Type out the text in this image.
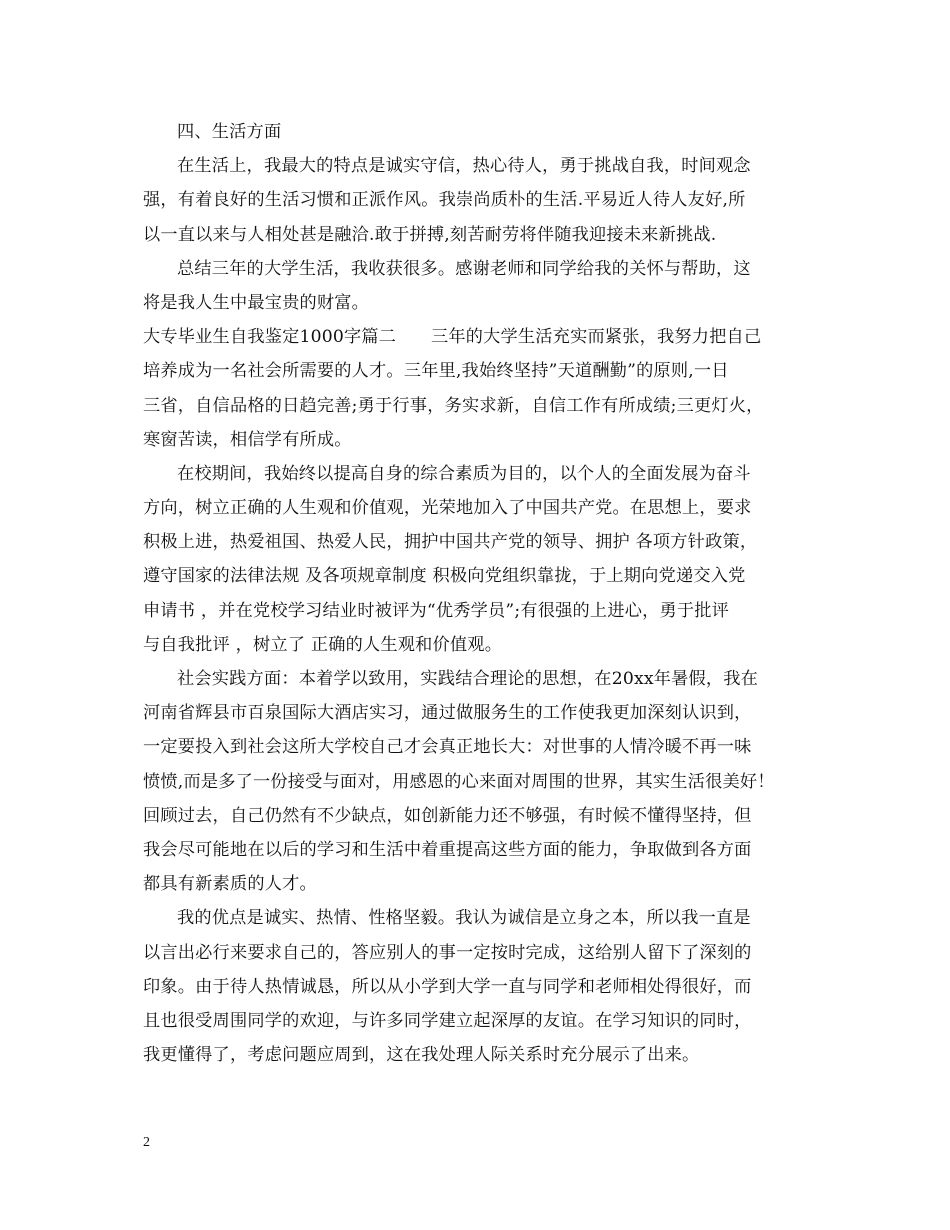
四、生活方面
在生活上，我最大的特点是诚实守信，热心待人，勇于挑战自我，时间观念
强，有着良好的生活习惯和正派作风。我崇尚质朴的生活.平易近人待人友好,所
以一直以来与人相处甚是融洽.敢于拼搏,刻苦耐劳将伴随我迎接未来新挑战.
总结三年的大学生活，我收获很多。感谢老师和同学给我的关怀与帮助，这
将是我人生中最宝贵的财富。
大专毕业生自我鉴定1000字篇二　　三年的大学生活充实而紧张，我努力把自己
培养成为一名社会所需要的人才。三年里,我始终坚持”天道酬勤”的原则,一日
三省，自信品格的日趋完善;勇于行事，务实求新，自信工作有所成绩;三更灯火，
寒窗苦读，相信学有所成。
在校期间，我始终以提高自身的综合素质为目的，以个人的全面发展为奋斗
方向，树立正确的人生观和价值观，光荣地加入了中国共产党。在思想上，要求
积极上进，热爱祖国、热爱人民，拥护中国共产党的领导、拥护 各项方针政策，
遵守国家的法律法规 及各项规章制度 积极向党组织靠拢，于上期向党递交入党
申请书 ，并在党校学习结业时被评为“优秀学员”;有很强的上进心，勇于批评
与自我批评 ，树立了 正确的人生观和价值观。
社会实践方面：本着学以致用，实践结合理论的思想，在20xx年暑假，我在
河南省辉县市百泉国际大酒店实习，通过做服务生的工作使我更加深刻认识到，
一定要投入到社会这所大学校自己才会真正地长大：对世事的人情冷暖不再一味
愤愤,而是多了一份接受与面对，用感恩的心来面对周围的世界，其实生活很美好！
回顾过去，自己仍然有不少缺点，如创新能力还不够强，有时候不懂得坚持，但
我会尽可能地在以后的学习和生活中着重提高这些方面的能力，争取做到各方面
都具有新素质的人才。
我的优点是诚实、热情、性格坚毅。我认为诚信是立身之本，所以我一直是
以言出必行来要求自己的，答应别人的事一定按时完成，这给别人留下了深刻的
印象。由于待人热情诚恳，所以从小学到大学一直与同学和老师相处得很好，而
且也很受周围同学的欢迎，与许多同学建立起深厚的友谊。在学习知识的同时，
我更懂得了，考虑问题应周到，这在我处理人际关系时充分展示了出来。
2
